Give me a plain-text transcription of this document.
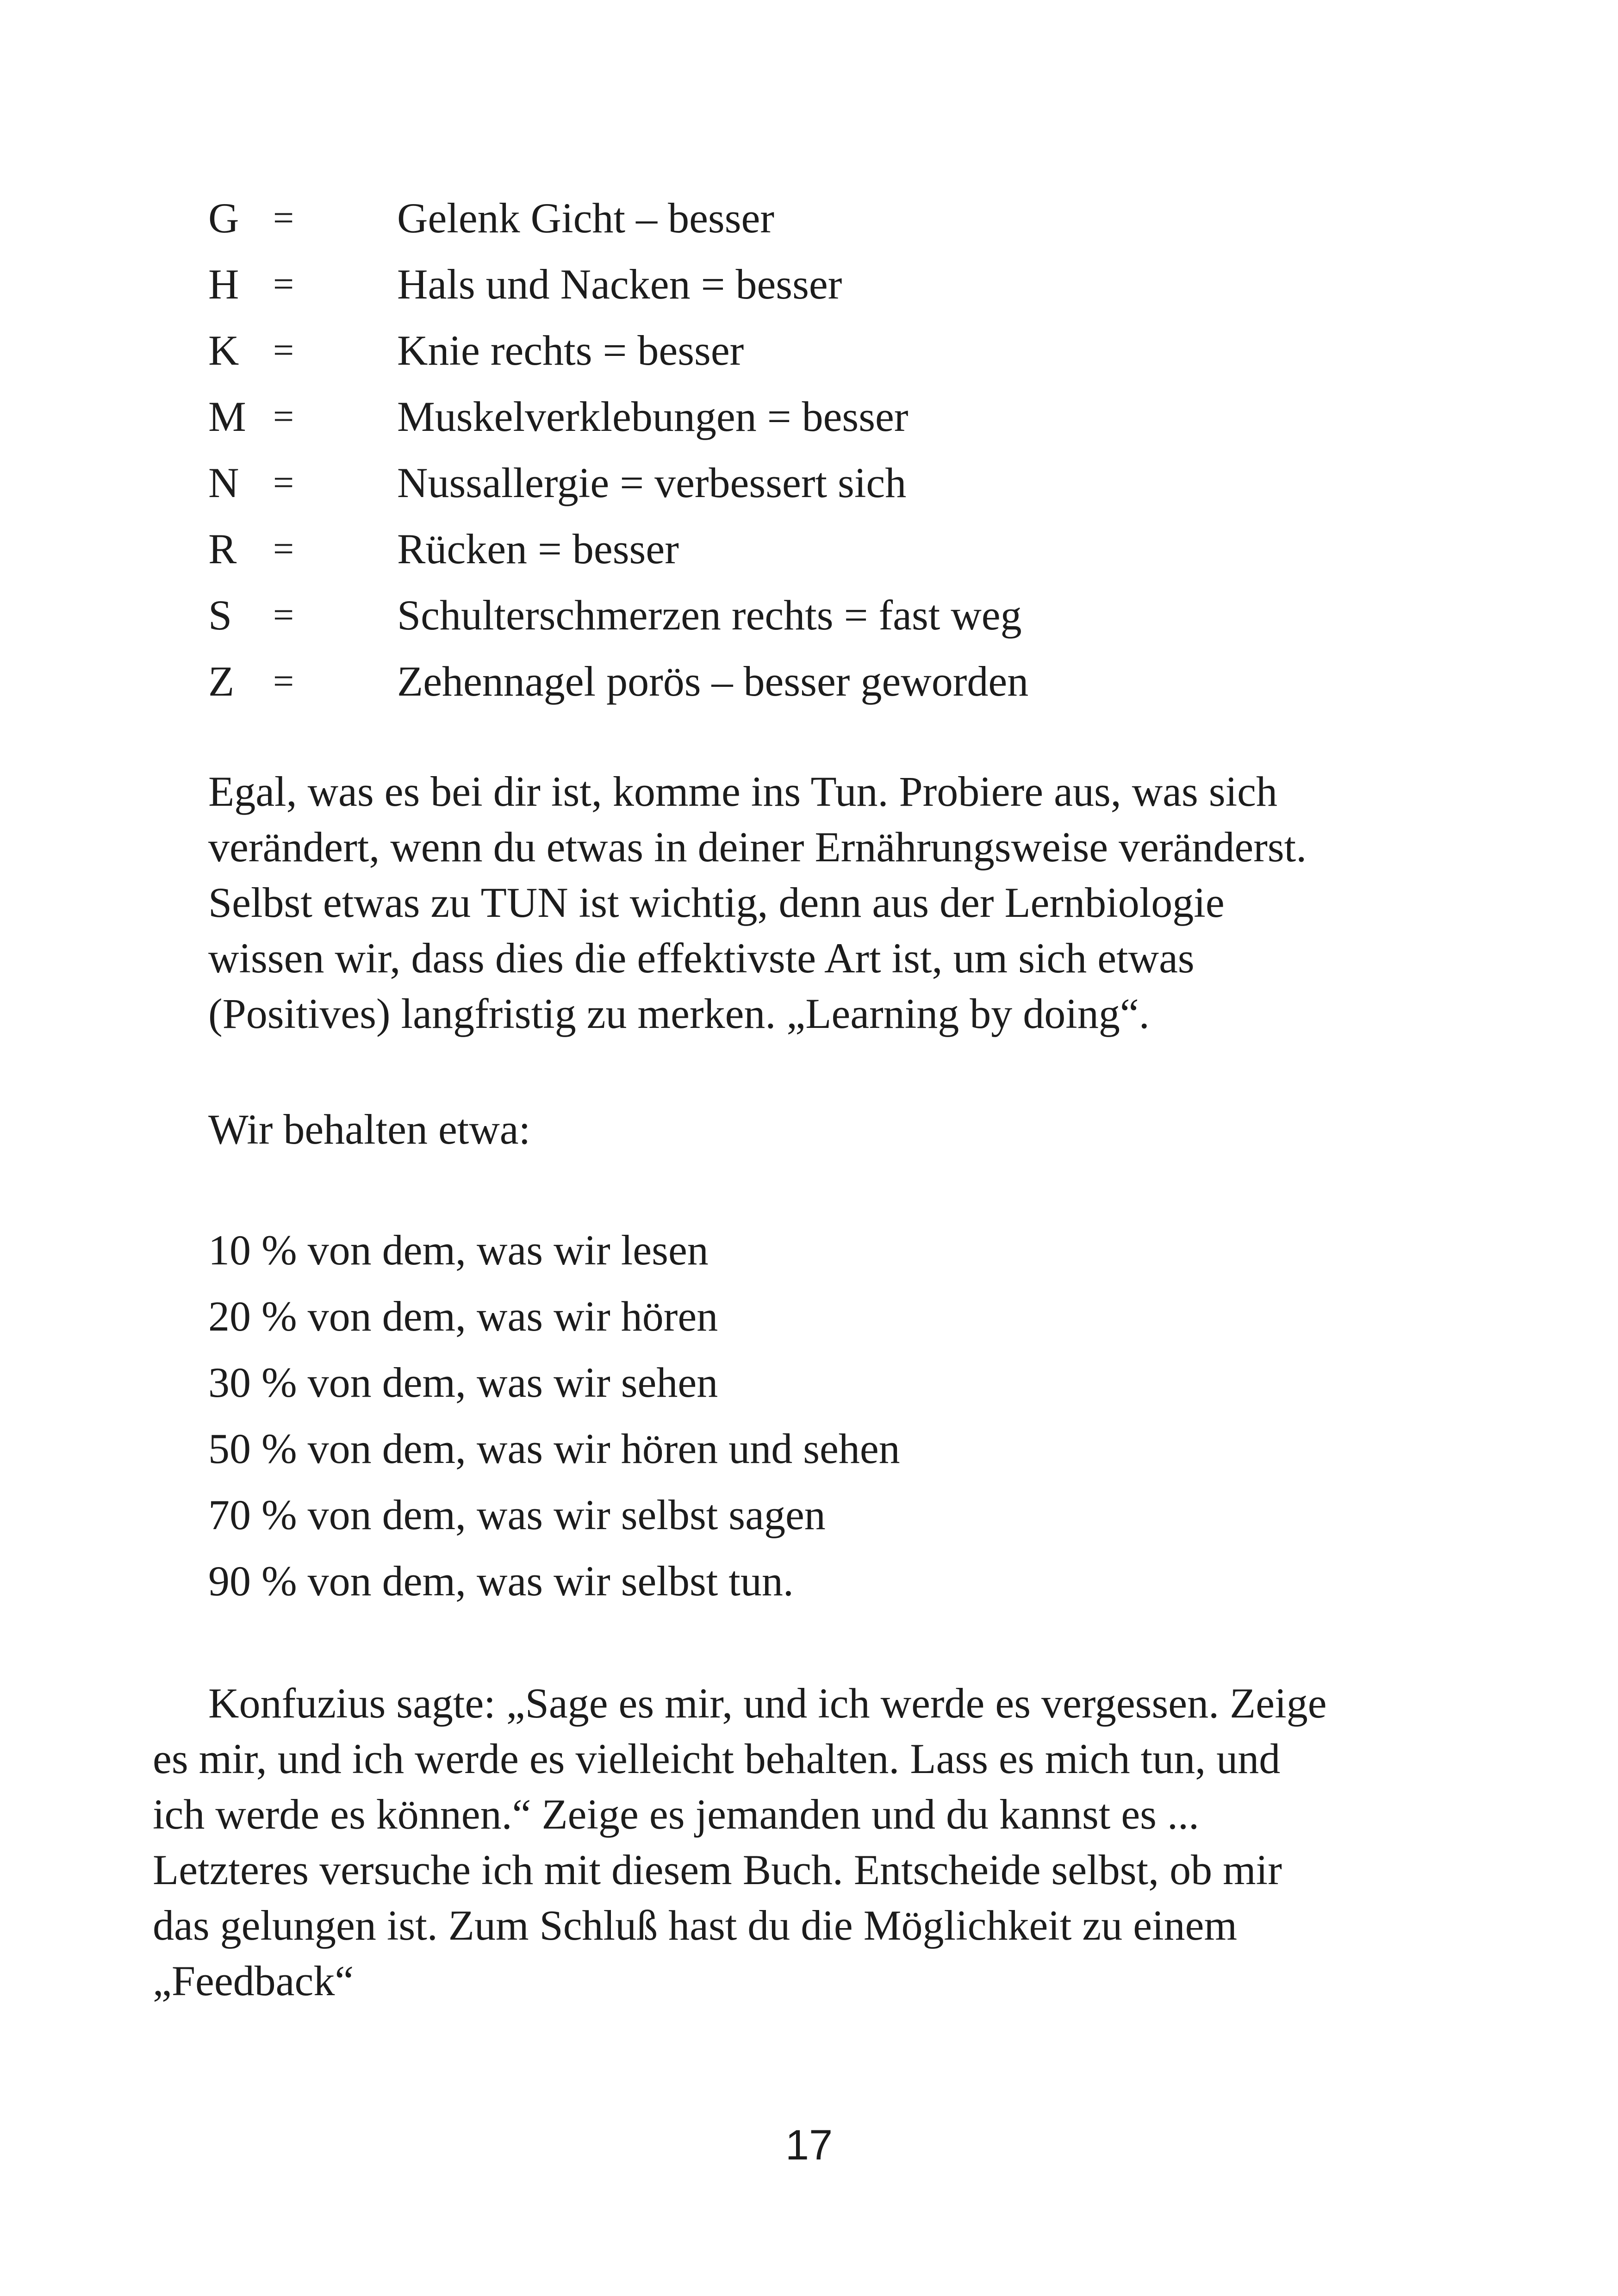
G = Gelenk Gicht – besser
H = Hals und Nacken = besser
K = Knie rechts = besser
M = Muskelverklebungen = besser
N = Nussallergie = verbessert sich
R = Rücken = besser
S = Schulterschmerzen rechts = fast weg
Z = Zehennagel porös – besser geworden

Egal, was es bei dir ist, komme ins Tun. Probiere aus, was sich
verändert, wenn du etwas in deiner Ernährungsweise veränderst.
Selbst etwas zu TUN ist wichtig, denn aus der Lernbiologie
wissen wir, dass dies die effektivste Art ist, um sich etwas
(Positives) langfristig zu merken. „Learning by doing“.

Wir behalten etwa:

10 % von dem, was wir lesen
20 % von dem, was wir hören
30 % von dem, was wir sehen
50 % von dem, was wir hören und sehen
70 % von dem, was wir selbst sagen
90 % von dem, was wir selbst tun.

Konfuzius sagte: „Sage es mir, und ich werde es vergessen. Zeige
es mir, und ich werde es vielleicht behalten. Lass es mich tun, und
ich werde es können.“ Zeige es jemanden und du kannst es ...
Letzteres versuche ich mit diesem Buch. Entscheide selbst, ob mir
das gelungen ist. Zum Schluß hast du die Möglichkeit zu einem
„Feedback“

17
